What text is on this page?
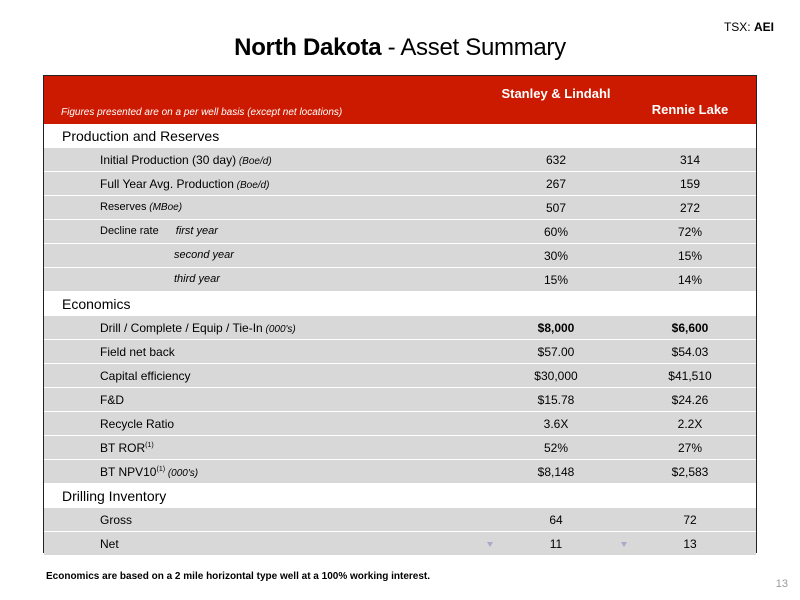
TSX: AEI
North Dakota - Asset Summary
Figures presented are on a per well basis (except net locations)
Stanley & Lindahl
Rennie Lake
Production and Reserves
Initial Production (30 day) (Boe/d)	632	314
Full Year Avg. Production (Boe/d)	267	159
Reserves (MBoe)	507	272
Decline rate first year	60%	72%
second year	30%	15%
third year	15%	14%
Economics
Drill / Complete / Equip / Tie-In (000's)	$8,000	$6,600
Field net back	$57.00	$54.03
Capital efficiency	$30,000	$41,510
F&D	$15.78	$24.26
Recycle Ratio	3.6X	2.2X
BT ROR$^{(1)}$	52%	27%
BT NPV10$^{(1)}$ (000's)	$8,148	$2,583
Drilling Inventory
Gross	64	72
Net	11	13
Economics are based on a 2 mile horizontal type well at a 100% working interest.
13
